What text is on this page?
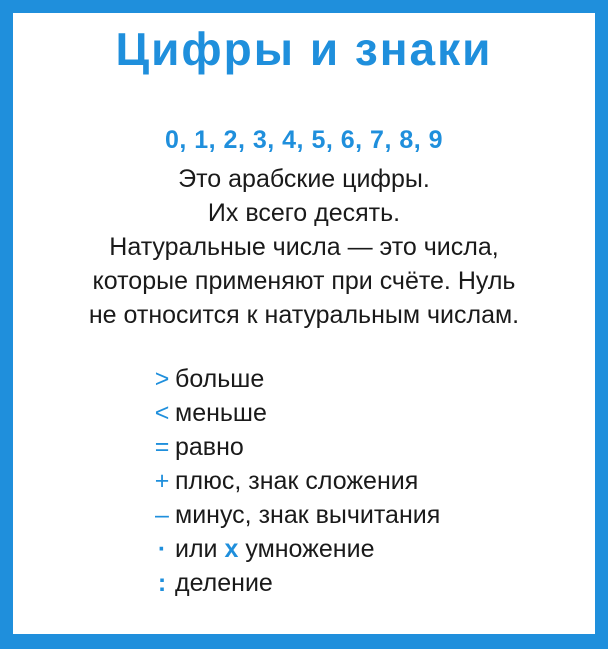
Цифры и знаки
0, 1, 2, 3, 4, 5, 6, 7, 8, 9
Это арабские цифры.
Их всего десять.
Натуральные числа — это числа,
которые применяют при счёте. Нуль
не относится к натуральным числам.
> больше
< меньше
= равно
+ плюс, знак сложения
– минус, знак вычитания
· или x умножение
: деление
